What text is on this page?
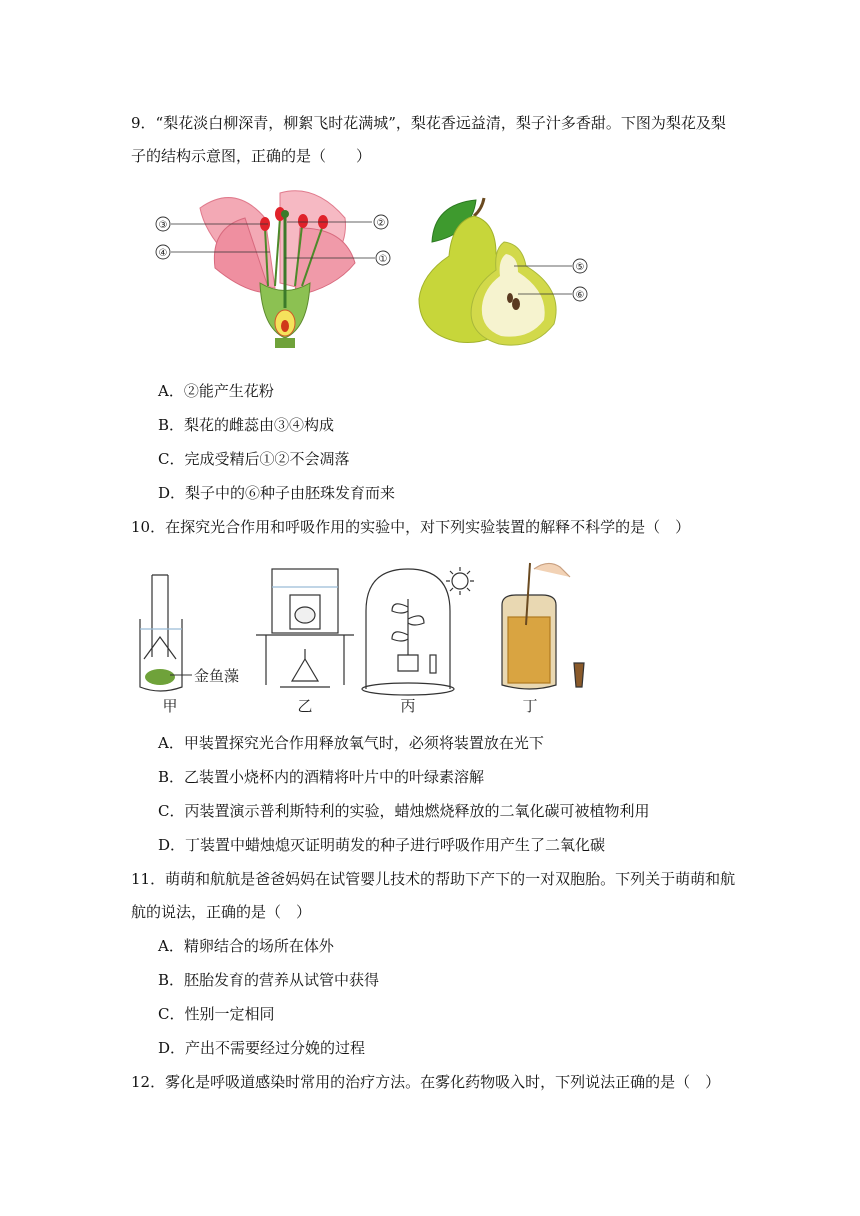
9．“梨花淡白柳深青，柳絮飞时花满城”，梨花香远益清，梨子汁多香甜。下图为梨花及梨
子的结构示意图，正确的是（　　）
③
④
②
①
⑤
⑥
A．②能产生花粉
B．梨花的雌蕊由③④构成
C．完成受精后①②不会凋落
D．梨子中的⑥种子由胚珠发育而来
10．在探究光合作用和呼吸作用的实验中，对下列实验装置的解释不科学的是（　）
金鱼藻
甲	乙	丙	丁
A．甲装置探究光合作用释放氧气时，必须将装置放在光下
B．乙装置小烧杯内的酒精将叶片中的叶绿素溶解
C．丙装置演示普利斯特利的实验，蜡烛燃烧释放的二氧化碳可被植物利用
D．丁装置中蜡烛熄灭证明萌发的种子进行呼吸作用产生了二氧化碳
11．萌萌和航航是爸爸妈妈在试管婴儿技术的帮助下产下的一对双胞胎。下列关于萌萌和航
航的说法，正确的是（　）
A．精卵结合的场所在体外
B．胚胎发育的营养从试管中获得
C．性别一定相同
D．产出不需要经过分娩的过程
12．雾化是呼吸道感染时常用的治疗方法。在雾化药物吸入时，下列说法正确的是（　）
